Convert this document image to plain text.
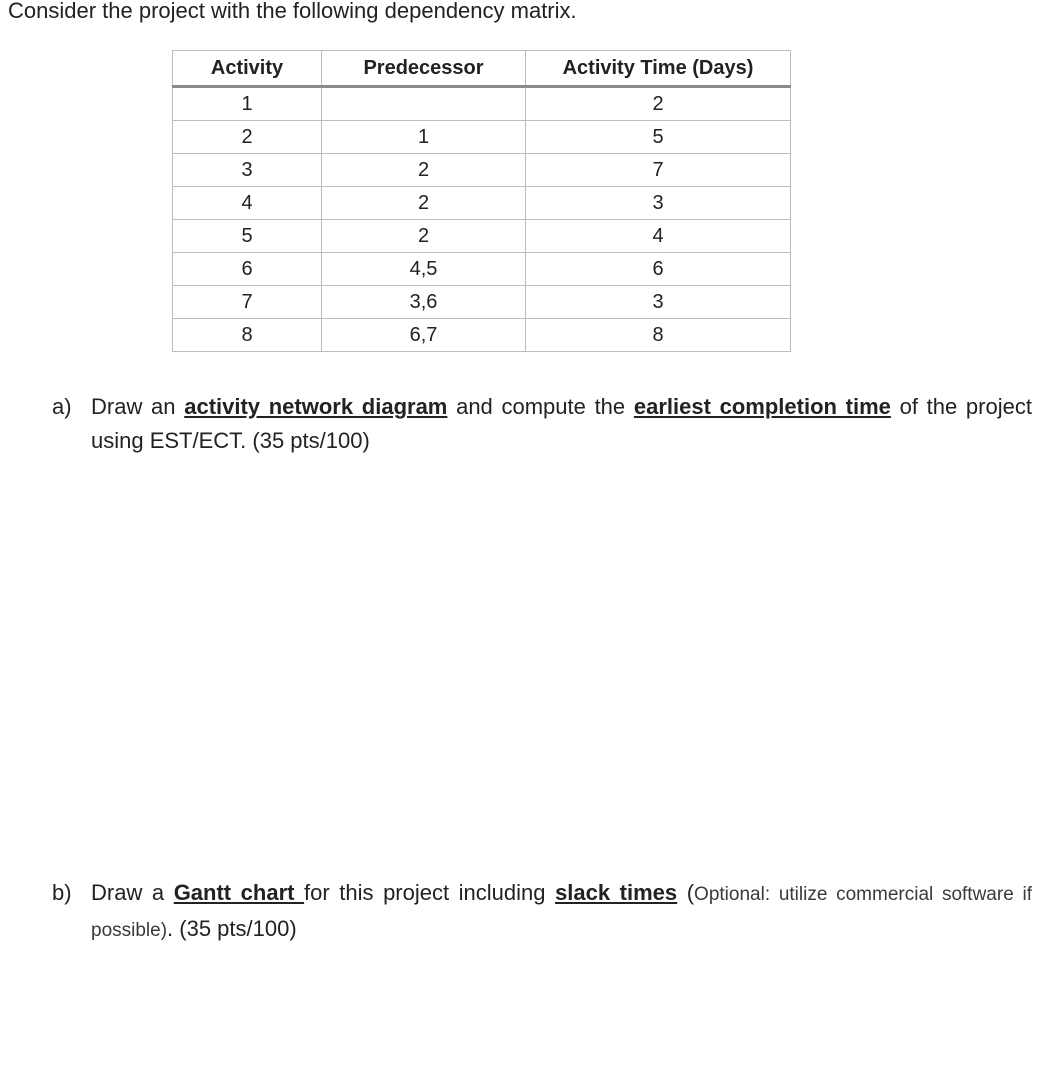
Consider the project with the following dependency matrix.
Activity	Predecessor	Activity Time (Days)
1		2
2	1	5
3	2	7
4	2	3
5	2	4
6	4,5	6
7	3,6	3
8	6,7	8
a) Draw an activity network diagram and compute the earliest completion time of the project using EST/ECT. (35 pts/100)
b) Draw a Gantt chart for this project including slack times (Optional: utilize commercial software if possible). (35 pts/100)
